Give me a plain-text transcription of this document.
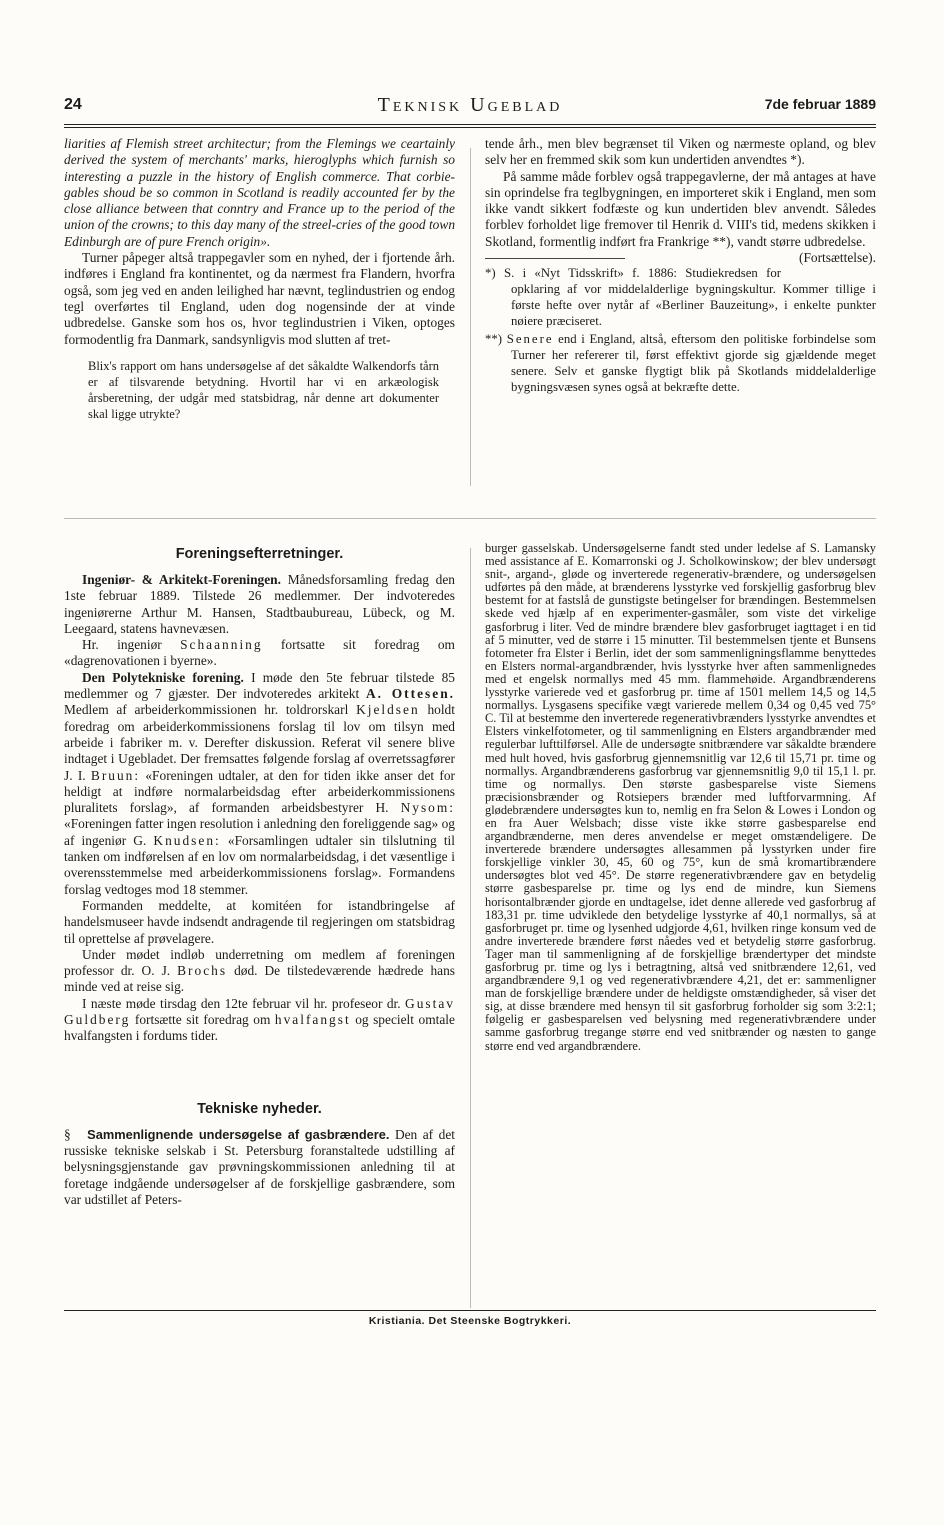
24	Teknisk Ugeblad	7de februar 1889

liarities af Flemish street architectur; from the Flemings we ceartainly derived the system of merchants' marks, hieroglyphs which furnish so interesting a puzzle in the history of English commerce. That corbie-gables shoud be so common in Scotland is readily accounted fer by the close alliance between that conntry and France up to the period of the union of the crowns; to this day many of the streel-cries of the good town Edinburgh are of pure French origin».

Turner påpeger altså trappegavler som en nyhed, der i fjortende årh. indføres i England fra kontinentet, og da nærmest fra Flandern, hvorfra også, som jeg ved en anden leilighed har nævnt, teglindustrien og endog tegl overførtes til England, uden dog nogensinde der at vinde udbredelse. Ganske som hos os, hvor teglindustrien i Viken, optoges formodentlig fra Danmark, sandsynligvis mod slutten af tret-

Blix's rapport om hans undersøgelse af det såkaldte Walkendorfs tårn er af tilsvarende betydning. Hvortil har vi en arkæologisk årsberetning, der udgår med statsbidrag, når denne art dokumenter skal ligge utrykte?

tende årh., men blev begrænset til Viken og nærmeste opland, og blev selv her en fremmed skik som kun undertiden anvendtes *).

På samme måde forblev også trappegavlerne, der må antages at have sin oprindelse fra teglbygningen, en importeret skik i England, men som ikke vandt sikkert fodfæste og kun undertiden blev anvendt. Således forblev forholdet lige fremover til Henrik d. VIII's tid, medens skikken i Skotland, formentlig indført fra Frankrige **), vandt større udbredelse.
(Fortsættelse).

*) S. i «Nyt Tidsskrift» f. 1886: Studiekredsen for opklaring af vor middelalderlige bygningskultur. Kommer tillige i første hefte over nytår af «Berliner Bauzeitung», i enkelte punkter nøiere præciseret.

**) Senere end i England, altså, eftersom den politiske forbindelse som Turner her refererer til, først effektivt gjorde sig gjældende meget senere. Selv et ganske flygtigt blik på Skotlands middelalderlige bygningsvæsen synes også at bekræfte dette.

Foreningsefterretninger.

Ingeniør- & Arkitekt-Foreningen. Månedsforsamling fredag den 1ste februar 1889. Tilstede 26 medlemmer. Der indvoteredes ingeniørerne Arthur M. Hansen, Stadtbaubureau, Lübeck, og M. Leegaard, statens havnevæsen.

Hr. ingeniør Schaanning fortsatte sit foredrag om «dagrenovationen i byerne».

Den Polytekniske forening. I møde den 5te februar tilstede 85 medlemmer og 7 gjæster. Der indvoteredes arkitekt A. Ottesen. Medlem af arbeiderkommissionen hr. toldrorskarl Kjeldsen holdt foredrag om arbeiderkommissionens forslag til lov om tilsyn med arbeide i fabriker m. v. Derefter diskussion. Referat vil senere blive indtaget i Ugebladet. Der fremsattes følgende forslag af overretssagfører J. I. Bruun: «Foreningen udtaler, at den for tiden ikke anser det for heldigt at indføre normalarbeidsdag efter arbeiderkommissionens pluralitets forslag», af formanden arbeidsbestyrer H. Nysom: «Foreningen fatter ingen resolution i anledning den foreliggende sag» og af ingeniør G. Knudsen: «Forsamlingen udtaler sin tilslutning til tanken om indførelsen af en lov om normalarbeidsdag, i det væsentlige i overensstemmelse med arbeiderkommissionens forslag». Formandens forslag vedtoges mod 18 stemmer.

Formanden meddelte, at komitéen for istandbringelse af handelsmuseer havde indsendt andragende til regjeringen om statsbidrag til oprettelse af prøvelagere.

Under mødet indløb underretning om medlem af foreningen professor dr. O. J. Brochs død. De tilstedeværende hædrede hans minde ved at reise sig.

I næste møde tirsdag den 12te februar vil hr. profeseor dr. Gustav Guldberg fortsætte sit foredrag om hvalfangst og specielt omtale hvalfangsten i fordums tider.

Tekniske nyheder.

§ Sammenlignende undersøgelse af gasbrændere. Den af det russiske tekniske selskab i St. Petersburg foranstaltede udstilling af belysningsgjenstande gav prøvningskommissionen anledning til at foretage indgående undersøgelser af de forskjellige gasbrændere, som var udstillet af Peters-

burger gasselskab. Undersøgelserne fandt sted under ledelse af S. Lamansky med assistance af E. Komarronski og J. Scholkowinskow; der blev undersøgt snit-, argand-, gløde og inverterede regenerativ-brændere, og undersøgelsen udførtes på den måde, at brænderens lysstyrke ved forskjellig gasforbrug blev bestemt for at fastslå de gunstigste betingelser for brændingen. Bestemmelsen skede ved hjælp af en experimenter-gasmåler, som viste det virkelige gasforbrug i liter. Ved de mindre brændere blev gasforbruget iagttaget i en tid af 5 minutter, ved de større i 15 minutter. Til bestemmelsen tjente et Bunsens fotometer fra Elster i Berlin, idet der som sammenligningsflamme benyttedes en Elsters normal-argandbrænder, hvis lysstyrke hver aften sammenlignedes med et engelsk normallys med 45 mm. flammehøide. Argandbrænderens lysstyrke varierede ved et gasforbrug pr. time af 1501 mellem 14,5 og 14,5 normallys. Lysgasens specifike vægt varierede mellem 0,34 og 0,45 ved 75° C. Til at bestemme den inverterede regenerativbrænders lysstyrke anvendtes et Elsters vinkelfotometer, og til sammenligning en Elsters argandbrænder med regulerbar lufttilførsel. Alle de undersøgte snitbrændere var såkaldte brændere med hult hoved, hvis gasforbrug gjennemsnitlig var 12,6 til 15,71 pr. time og normallys. Argandbrænderens gasforbrug var gjennemsnitlig 9,0 til 15,1 l. pr. time og normallys. Den største gasbesparelse viste Siemens præcisionsbrænder og Rotsiepers brænder med luftforvarmning. Af glødebrændere undersøgtes kun to, nemlig en fra Selon & Lowes i London og en fra Auer Welsbach; disse viste ikke større gasbesparelse end argandbrænderne, men deres anvendelse er meget omstændeligere. De inverterede brændere undersøgtes allesammen på lysstyrken under fire forskjellige vinkler 30, 45, 60 og 75°, kun de små kromartibrændere undersøgtes blot ved 45°. De større regenerativbrændere gav en betydelig større gasbesparelse pr. time og lys end de mindre, kun Siemens horisontalbrænder gjorde en undtagelse, idet denne allerede ved gasforbrug af 183,31 pr. time udviklede den betydelige lysstyrke af 40,1 normallys, så at gasforbruget pr. time og lysenhed udgjorde 4,61, hvilken ringe konsum ved de andre inverterede brændere først nåedes ved et betydelig større gasforbrug. Tager man til sammenligning af de forskjellige brændertyper det mindste gasforbrug pr. time og lys i betragtning, altså ved snitbrændere 12,61, ved argandbrændere 9,1 og ved regenerativbrændere 4,21, det er: sammenligner man de forskjellige brændere under de heldigste omstændigheder, så viser det sig, at disse brændere med hensyn til sit gasforbrug forholder sig som 3:2:1; følgelig er gasbesparelsen ved belysning med regenerativbrændere under samme gasforbrug tregange større end ved snitbrænder og næsten to gange større end ved argandbrændere.

Kristiania. Det Steenske Bogtrykkeri.
